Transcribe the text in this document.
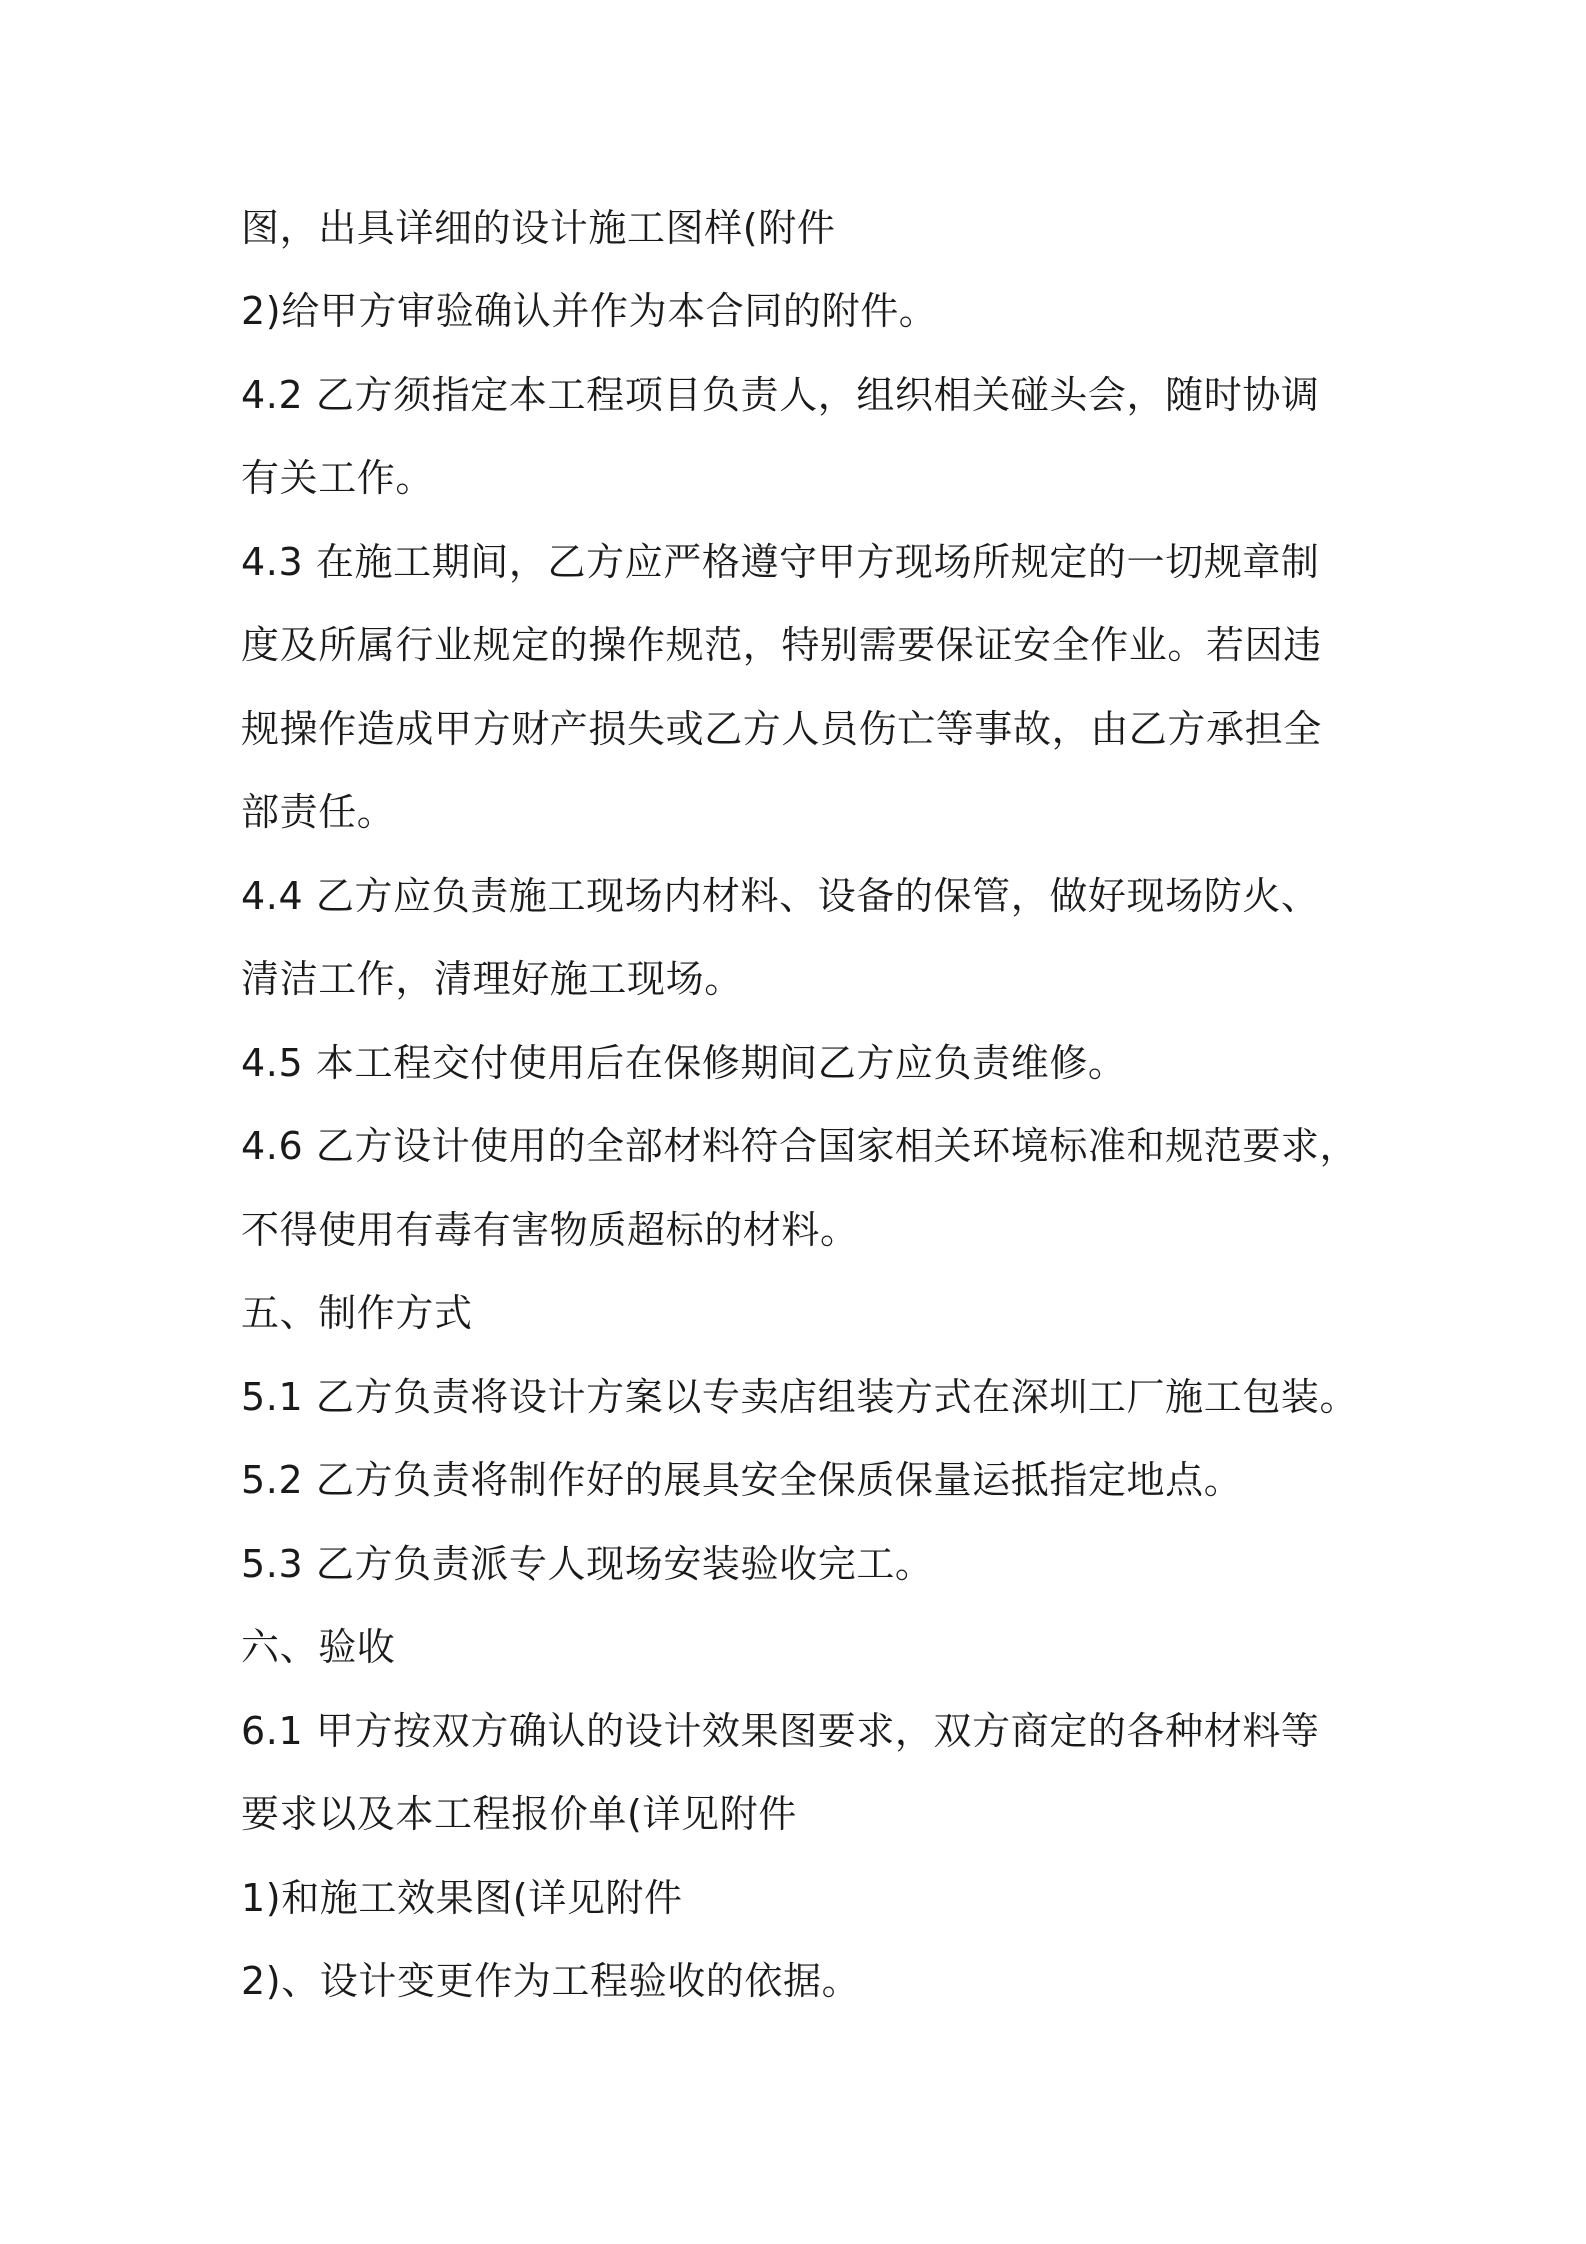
图，出具详细的设计施工图样(附件
2)给甲方审验确认并作为本合同的附件。
4.2 乙方须指定本工程项目负责人，组织相关碰头会，随时协调
有关工作。
4.3 在施工期间，乙方应严格遵守甲方现场所规定的一切规章制
度及所属行业规定的操作规范，特别需要保证安全作业。若因违
规操作造成甲方财产损失或乙方人员伤亡等事故，由乙方承担全
部责任。
4.4 乙方应负责施工现场内材料、设备的保管，做好现场防火、
清洁工作，清理好施工现场。
4.5 本工程交付使用后在保修期间乙方应负责维修。
4.6 乙方设计使用的全部材料符合国家相关环境标准和规范要求，
不得使用有毒有害物质超标的材料。
五、制作方式
5.1 乙方负责将设计方案以专卖店组装方式在深圳工厂施工包装。
5.2 乙方负责将制作好的展具安全保质保量运抵指定地点。
5.3 乙方负责派专人现场安装验收完工。
六、验收
6.1 甲方按双方确认的设计效果图要求，双方商定的各种材料等
要求以及本工程报价单(详见附件
1)和施工效果图(详见附件
2)、设计变更作为工程验收的依据。
